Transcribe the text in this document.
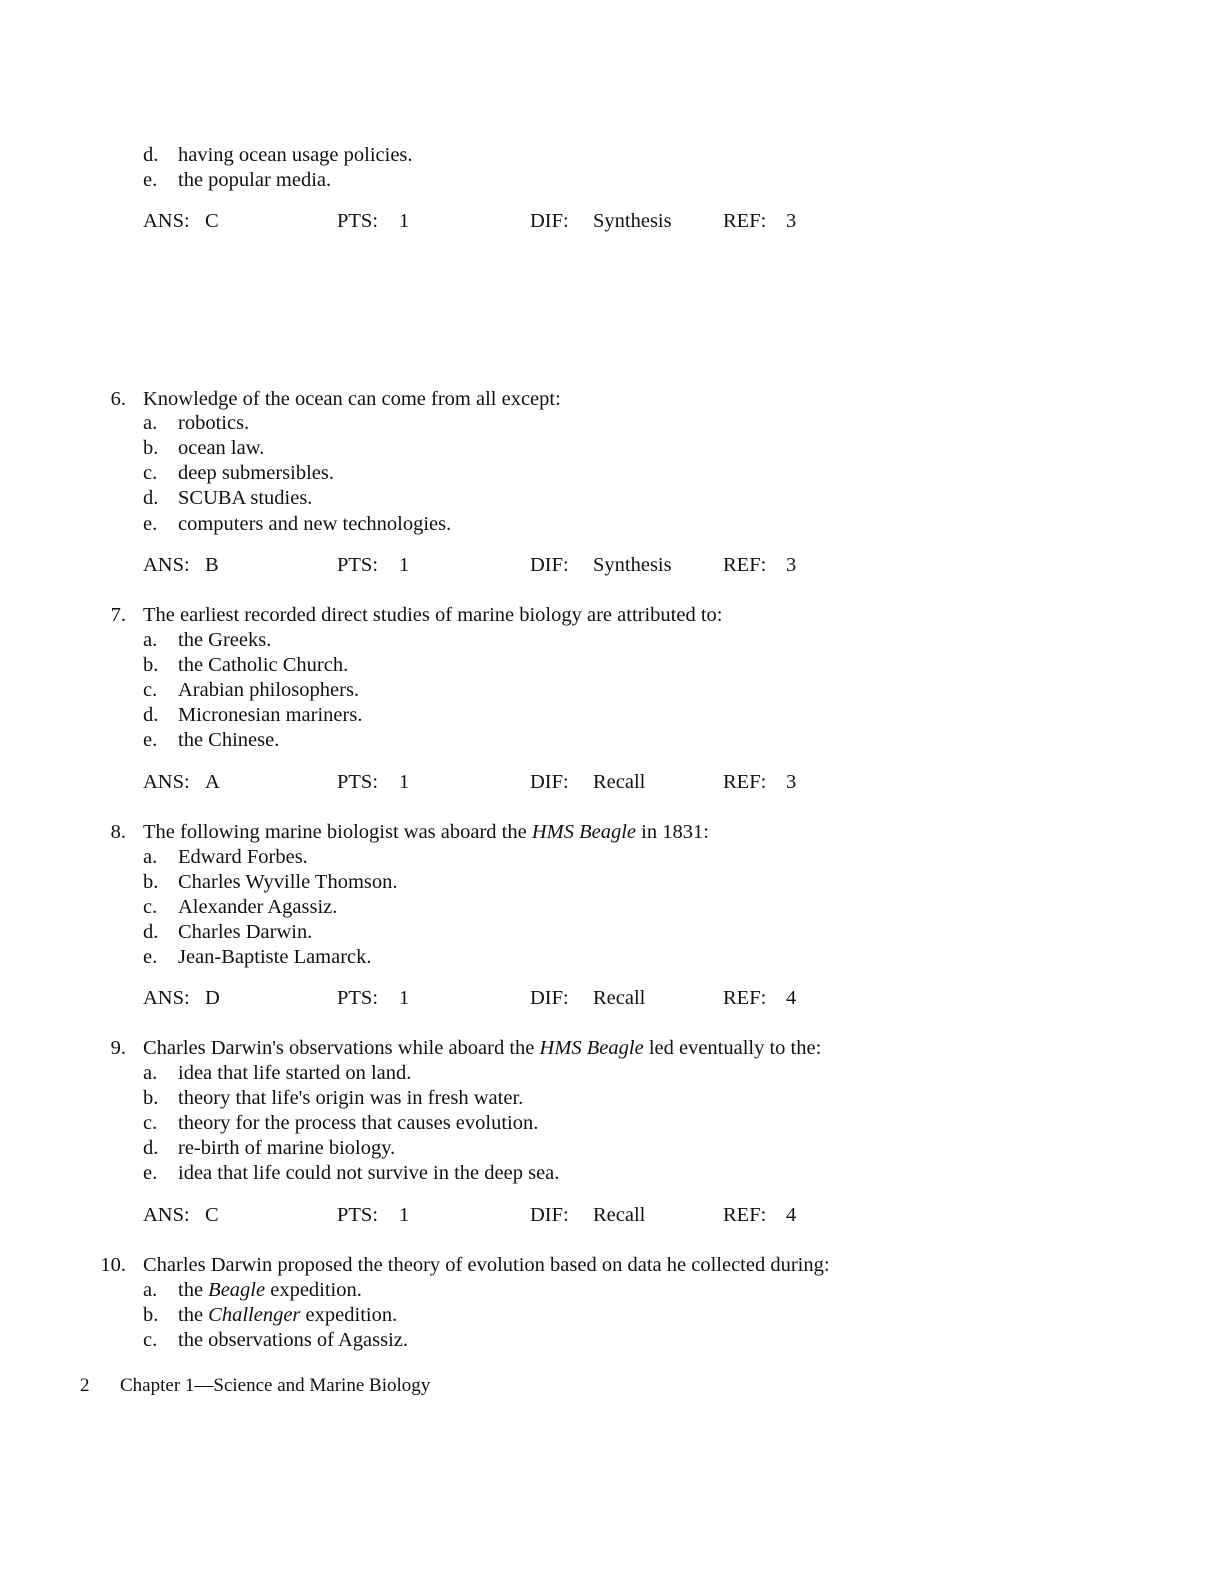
d. having ocean usage policies.
e. the popular media.
ANS: C	PTS: 1	DIF: Synthesis	REF: 3
6. Knowledge of the ocean can come from all except:
a. robotics.
b. ocean law.
c. deep submersibles.
d. SCUBA studies.
e. computers and new technologies.
ANS: B	PTS: 1	DIF: Synthesis	REF: 3
7. The earliest recorded direct studies of marine biology are attributed to:
a. the Greeks.
b. the Catholic Church.
c. Arabian philosophers.
d. Micronesian mariners.
e. the Chinese.
ANS: A	PTS: 1	DIF: Recall	REF: 3
8. The following marine biologist was aboard the HMS Beagle in 1831:
a. Edward Forbes.
b. Charles Wyville Thomson.
c. Alexander Agassiz.
d. Charles Darwin.
e. Jean-Baptiste Lamarck.
ANS: D	PTS: 1	DIF: Recall	REF: 4
9. Charles Darwin's observations while aboard the HMS Beagle led eventually to the:
a. idea that life started on land.
b. theory that life's origin was in fresh water.
c. theory for the process that causes evolution.
d. re-birth of marine biology.
e. idea that life could not survive in the deep sea.
ANS: C	PTS: 1	DIF: Recall	REF: 4
10. Charles Darwin proposed the theory of evolution based on data he collected during:
a. the Beagle expedition.
b. the Challenger expedition.
c. the observations of Agassiz.
2 Chapter 1—Science and Marine Biology
